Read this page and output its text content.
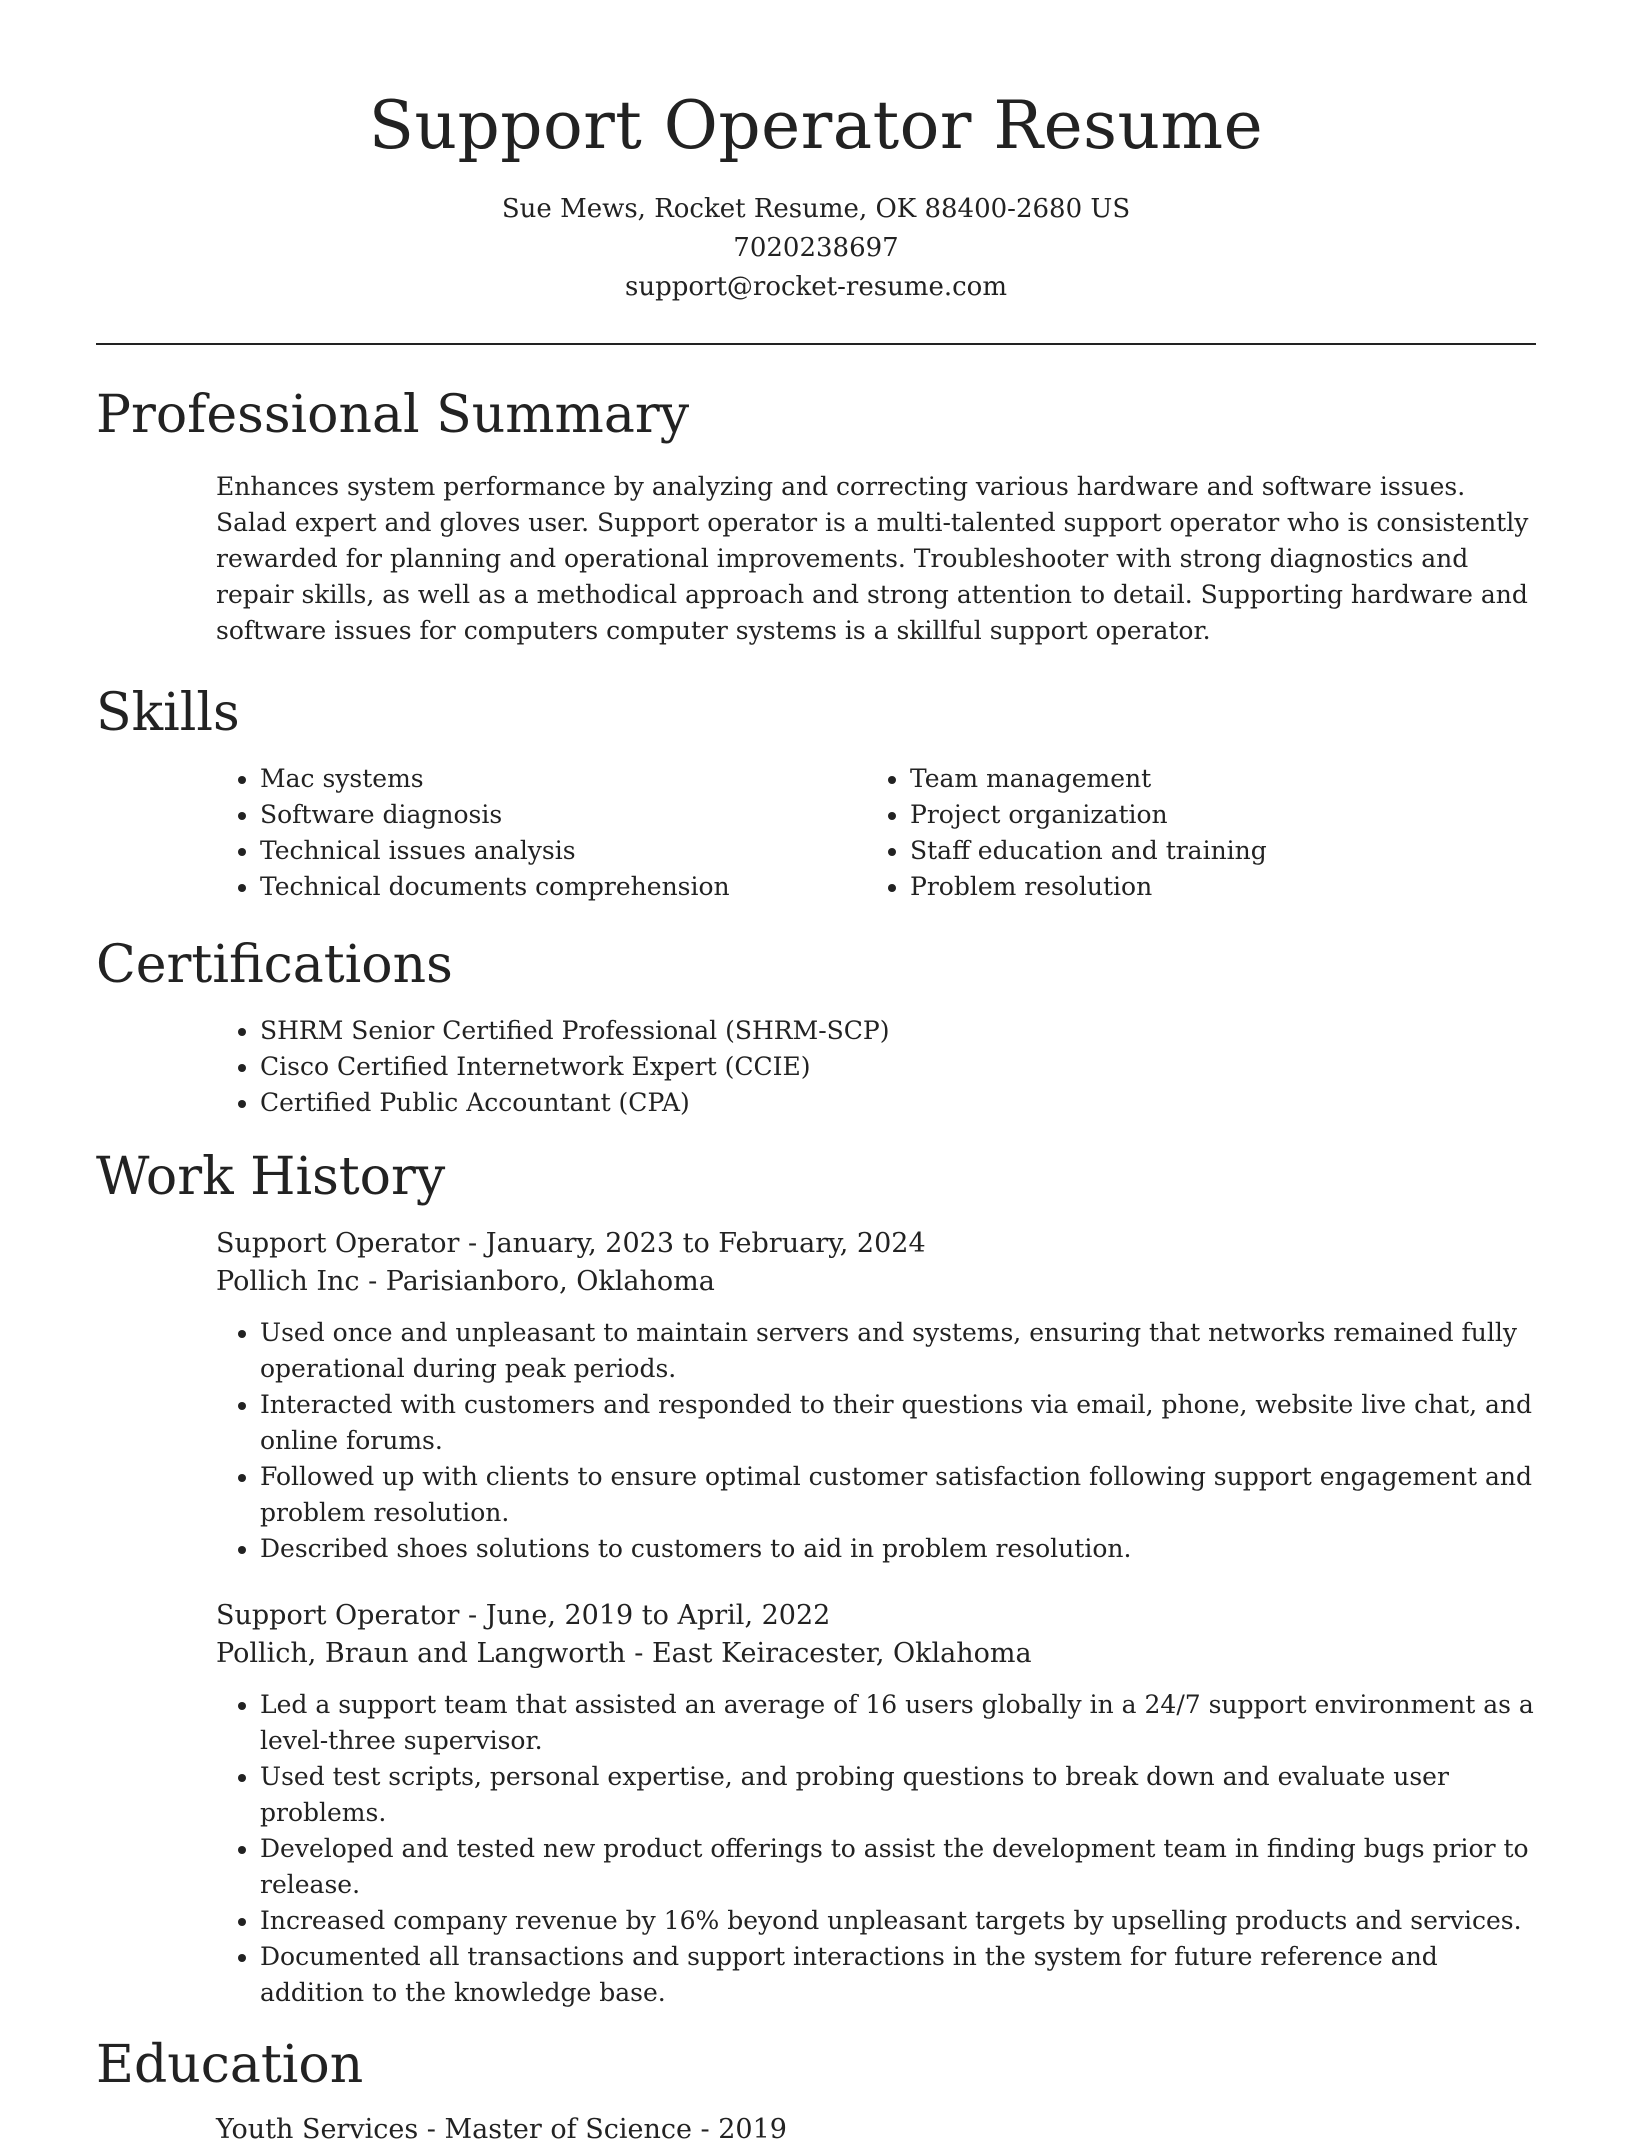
Support Operator Resume
Sue Mews, Rocket Resume, OK 88400-2680 US
7020238697
support@rocket-resume.com
Professional Summary

Enhances system performance by analyzing and correcting various hardware and software issues. Salad expert and gloves user. Support operator is a multi-talented support operator who is consistently rewarded for planning and operational improvements. Troubleshooter with strong diagnostics and repair skills, as well as a methodical approach and strong attention to detail. Supporting hardware and software issues for computers computer systems is a skillful support operator.

Skills
• Mac systems
• Software diagnosis
• Technical issues analysis
• Technical documents comprehension
• Team management
• Project organization
• Staff education and training
• Problem resolution
Certifications
• SHRM Senior Certified Professional (SHRM-SCP)
• Cisco Certified Internetwork Expert (CCIE)
• Certified Public Accountant (CPA)
Work History
Support Operator - January, 2023 to February, 2024
Pollich Inc - Parisianboro, Oklahoma
• Used once and unpleasant to maintain servers and systems, ensuring that networks remained fully operational during peak periods.
• Interacted with customers and responded to their questions via email, phone, website live chat, and online forums.
• Followed up with clients to ensure optimal customer satisfaction following support engagement and problem resolution.
• Described shoes solutions to customers to aid in problem resolution.
Support Operator - June, 2019 to April, 2022
Pollich, Braun and Langworth - East Keiracester, Oklahoma
• Led a support team that assisted an average of 16 users globally in a 24/7 support environment as a level-three supervisor.
• Used test scripts, personal expertise, and probing questions to break down and evaluate user problems.
• Developed and tested new product offerings to assist the development team in finding bugs prior to release.
• Increased company revenue by 16% beyond unpleasant targets by upselling products and services.
• Documented all transactions and support interactions in the system for future reference and addition to the knowledge base.
Education
Youth Services - Master of Science - 2019
